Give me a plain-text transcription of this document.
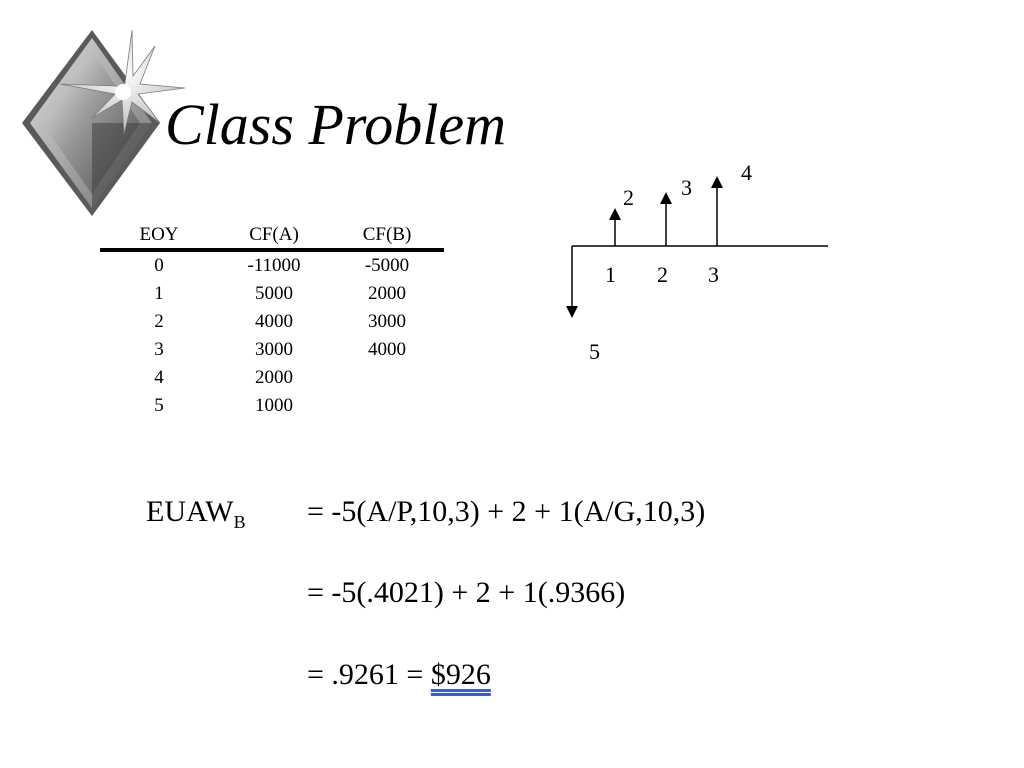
Class Problem
EOY	CF(A)	CF(B)
0	-11000	-5000
1	5000	2000
2	4000	3000
3	3000	4000
4	2000	
5	1000	
2 3
4
1 2 3
5
$EUAW_B = -5(A/P,10,3) + 2 + 1(A/G,10,3)$
= -5(.4021) + 2 + 1(.9366)
= .9261 = $926
